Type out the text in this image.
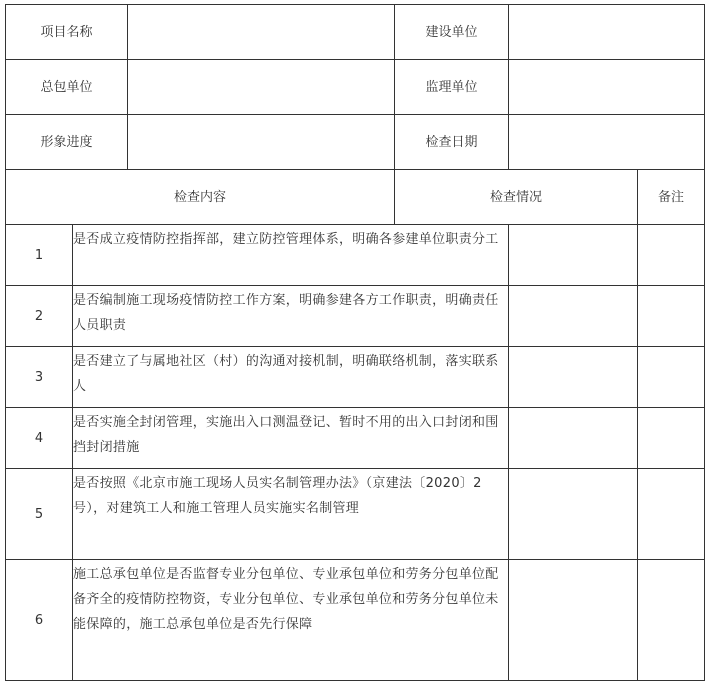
项目名称			建设单位		
总包单位			监理单位		
形象进度			检查日期		
检查内容			检查情况		备注
1	是否成立疫情防控指挥部，建立防控管理体系，明确各参建单位职责分工				
2	是否编制施工现场疫情防控工作方案，明确参建各方工作职责，明确责任人员职责				
3	是否建立了与属地社区（村）的沟通对接机制，明确联络机制，落实联系人				
4	是否实施全封闭管理，实施出入口测温登记、暂时不用的出入口封闭和围挡封闭措施				
5	是否按照《北京市施工现场人员实名制管理办法》（京建法〔2020〕2号），对建筑工人和施工管理人员实施实名制管理				
6	施工总承包单位是否监督专业分包单位、专业承包单位和劳务分包单位配备齐全的疫情防控物资，专业分包单位、专业承包单位和劳务分包单位未能保障的，施工总承包单位是否先行保障				
